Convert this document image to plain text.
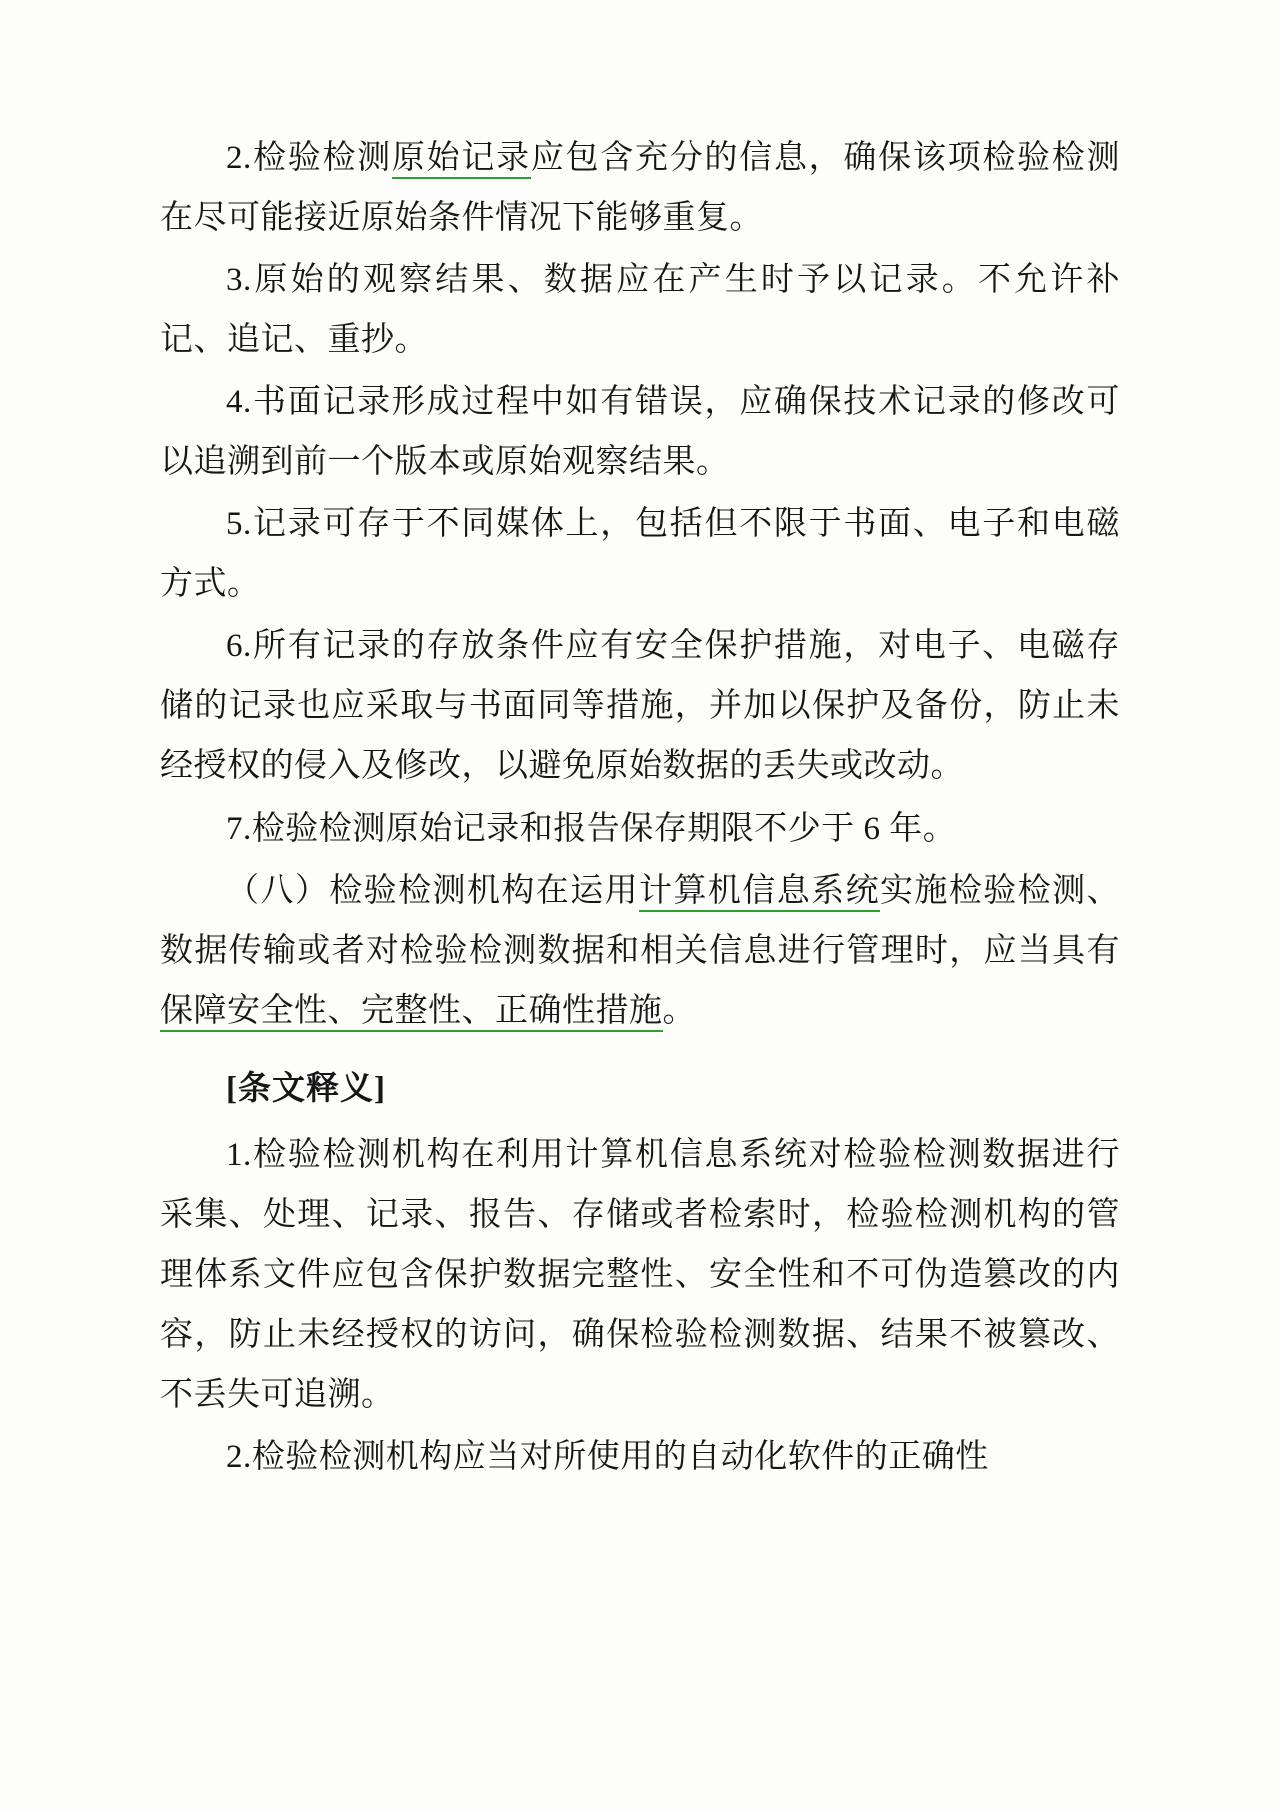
2.检验检测原始记录应包含充分的信息，确保该项检验检测在尽可能接近原始条件情况下能够重复。

3.原始的观察结果、数据应在产生时予以记录。不允许补记、追记、重抄。

4.书面记录形成过程中如有错误，应确保技术记录的修改可以追溯到前一个版本或原始观察结果。

5.记录可存于不同媒体上，包括但不限于书面、电子和电磁方式。

6.所有记录的存放条件应有安全保护措施，对电子、电磁存储的记录也应采取与书面同等措施，并加以保护及备份，防止未经授权的侵入及修改，以避免原始数据的丢失或改动。

7.检验检测原始记录和报告保存期限不少于 6 年。

（八）检验检测机构在运用计算机信息系统实施检验检测、数据传输或者对检验检测数据和相关信息进行管理时，应当具有保障安全性、完整性、正确性措施。

[条文释义]

1.检验检测机构在利用计算机信息系统对检验检测数据进行采集、处理、记录、报告、存储或者检索时，检验检测机构的管理体系文件应包含保护数据完整性、安全性和不可伪造篡改的内容，防止未经授权的访问，确保检验检测数据、结果不被篡改、不丢失可追溯。

2.检验检测机构应当对所使用的自动化软件的正确性
